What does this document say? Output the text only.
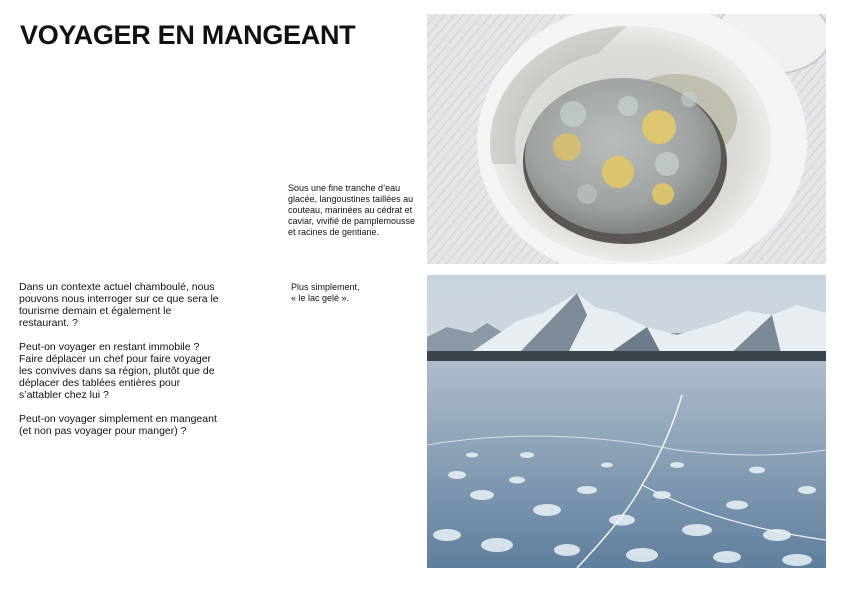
VOYAGER EN MANGEANT

Dans un contexte actuel chamboulé, nous pouvons nous interroger sur ce que sera le tourisme demain et également le restaurant. ?

Peut-on voyager en restant immobile ? Faire déplacer un chef pour faire voyager les convives dans sa région, plutôt que de déplacer des tablées entières pour s’attabler chez lui ?

Peut-on voyager simplement en mangeant (et non pas voyager pour manger) ?

Sous une fine tranche d’eau glacée, langoustines taillées au couteau, marinées au cédrat et caviar, vivifié de pamplemousse et racines de gentiane.
Plus simplement,
« le lac gelé ».
